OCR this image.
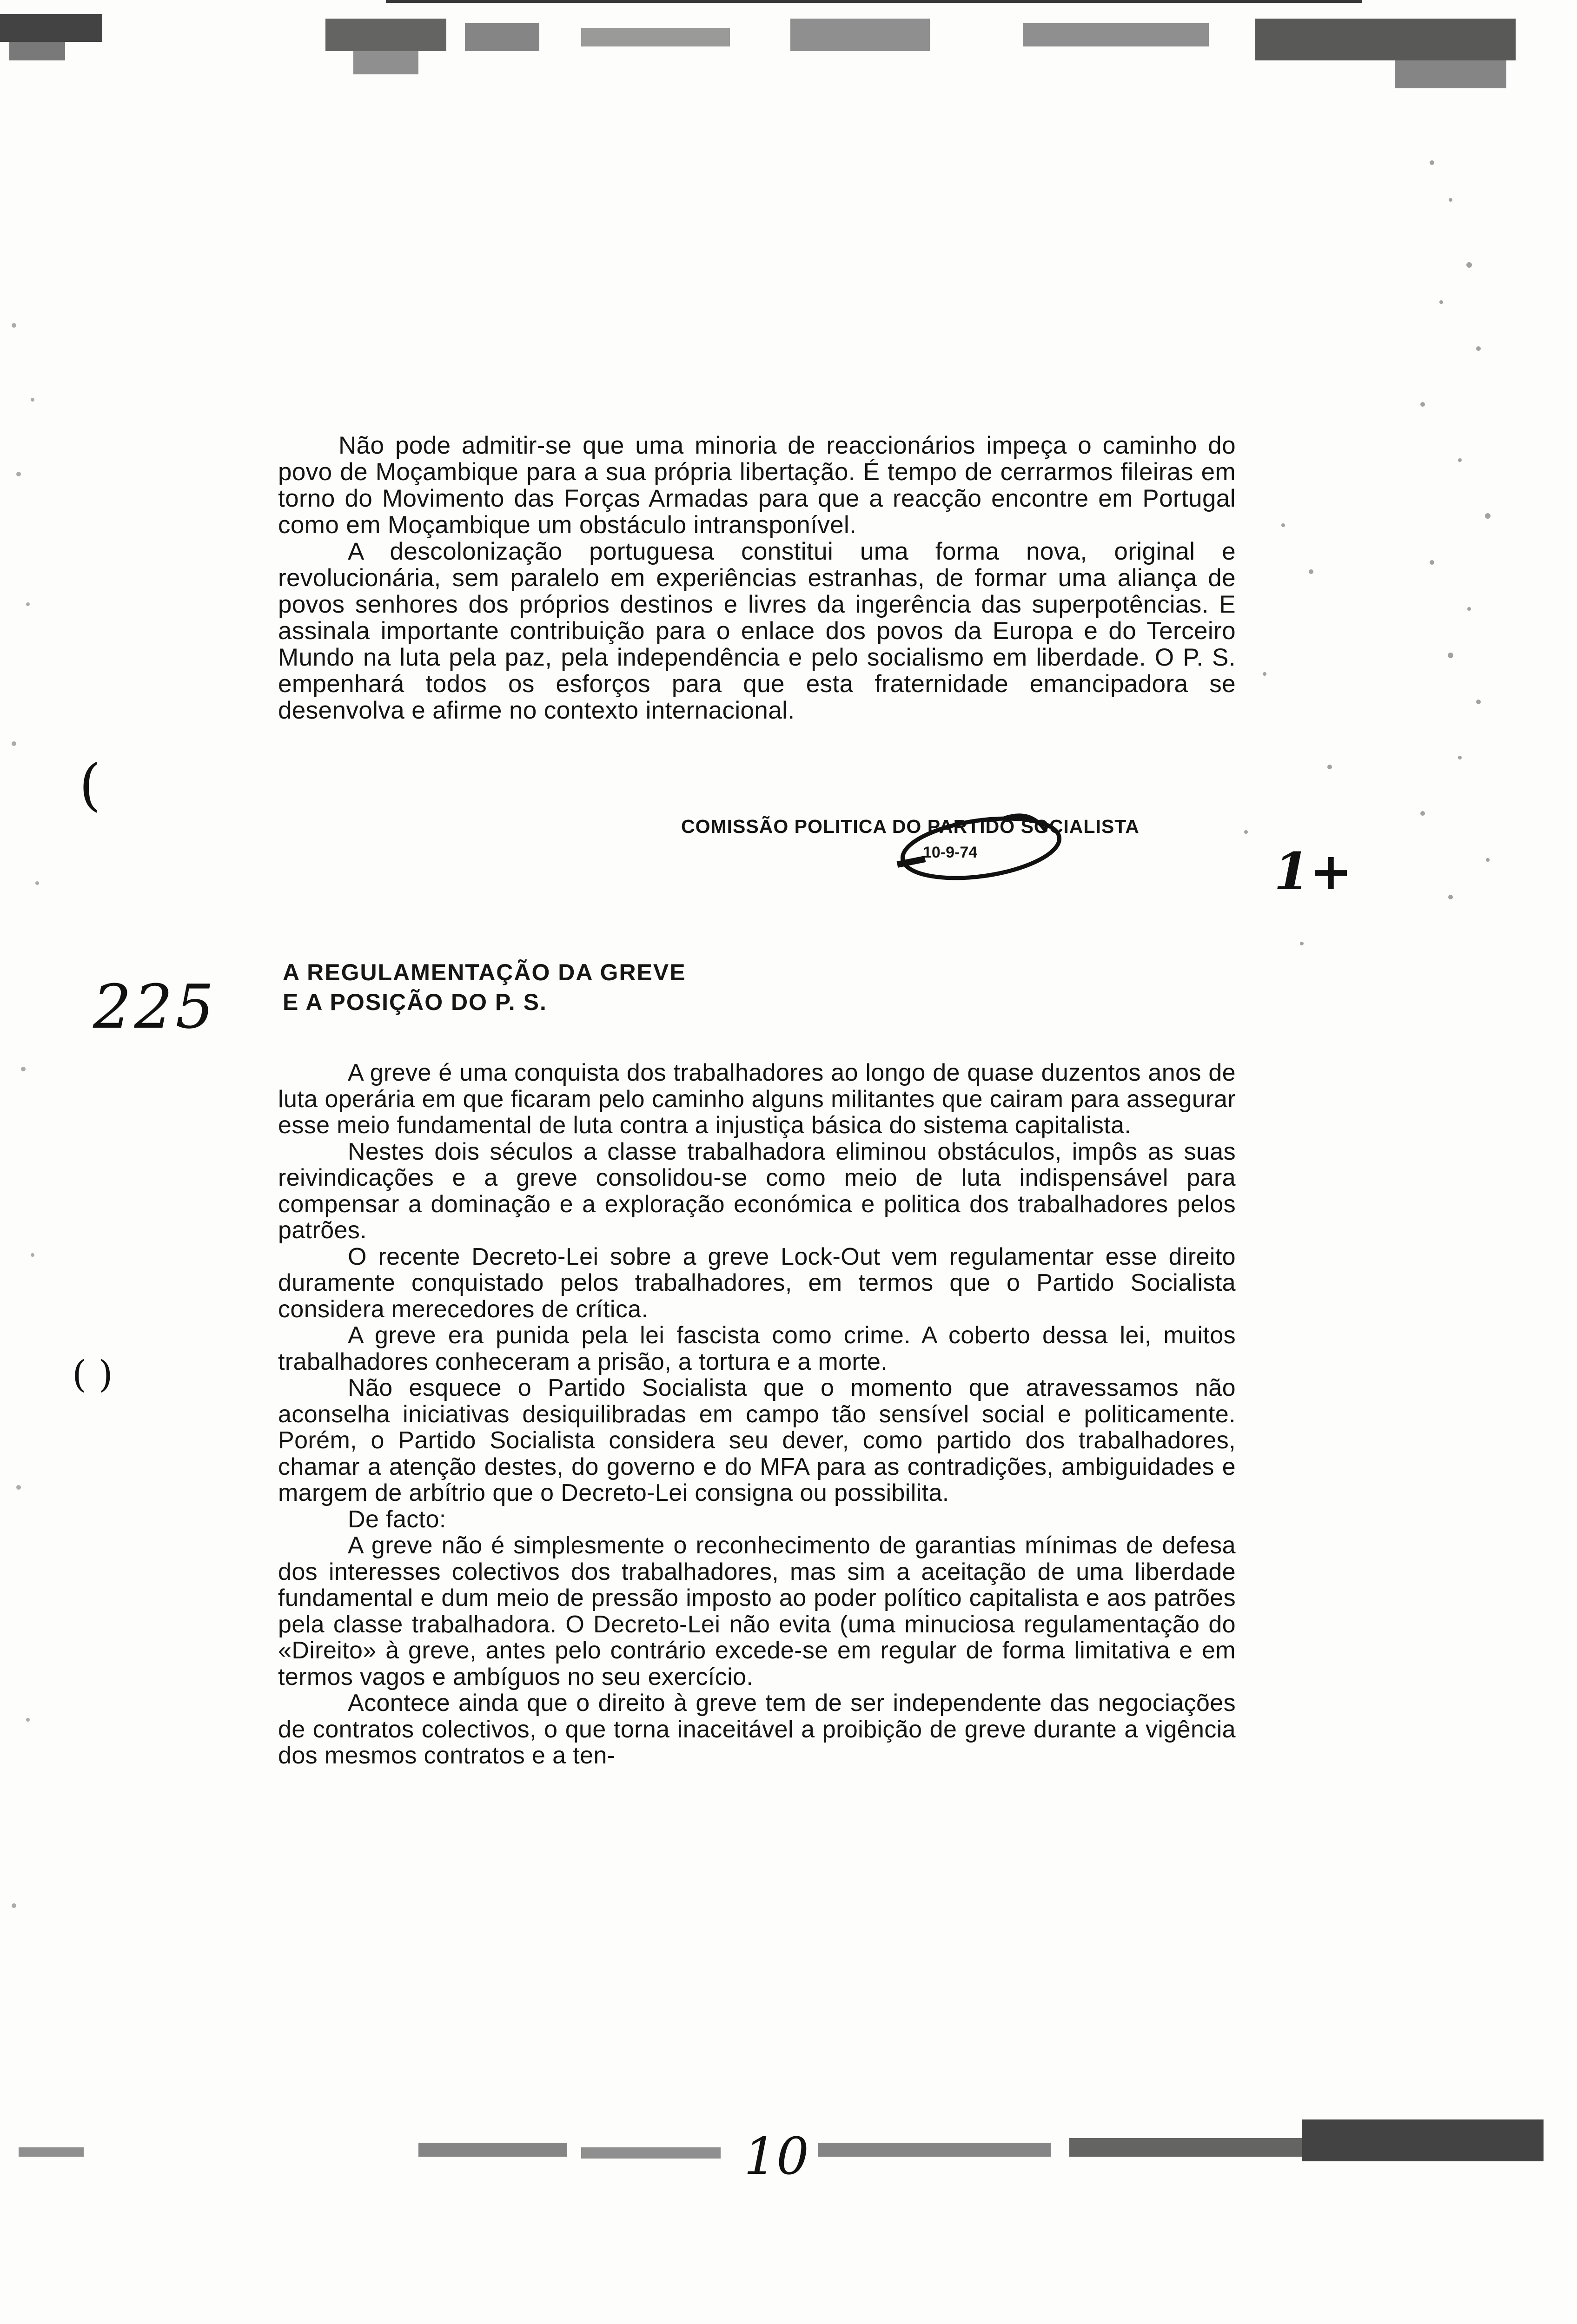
Não pode admitir-se que uma minoria de reaccionários impeça o caminho do povo de Moçambique para a sua própria libertação. É tempo de cerrarmos fileiras em torno do Movimento das Forças Armadas para que a reacção encontre em Portugal como em Moçambique um obstáculo intransponível.

A descolonização portuguesa constitui uma forma nova, original e revolucionária, sem paralelo em experiências estranhas, de formar uma aliança de povos senhores dos próprios destinos e livres da ingerência das superpotências. E assinala importante contribuição para o enlace dos povos da Europa e do Terceiro Mundo na luta pela paz, pela independência e pelo socialismo em liberdade. O P. S. empenhará todos os esforços para que esta fraternidade emancipadora se desenvolva e afirme no contexto internacional.

COMISSÃO POLITICA DO PARTIDO SOCIALISTA
10-9-74	1+
(
225	A REGULAMENTAÇÃO DA GREVE
E A POSIÇÃO DO P. S.

A greve é uma conquista dos trabalhadores ao longo de quase duzentos anos de luta operária em que ficaram pelo caminho alguns militantes que cairam para assegurar esse meio fundamental de luta contra a injustiça básica do sistema capitalista.

Nestes dois séculos a classe trabalhadora eliminou obstáculos, impôs as suas reivindicações e a greve consolidou-se como meio de luta indispensável para compensar a dominação e a exploração económica e politica dos trabalhadores pelos patrões.

O recente Decreto-Lei sobre a greve Lock-Out vem regulamentar esse direito duramente conquistado pelos trabalhadores, em termos que o Partido Socialista considera merecedores de crítica.

A greve era punida pela lei fascista como crime. A coberto dessa lei, muitos trabalhadores conheceram a prisão, a tortura e a morte.

Não esquece o Partido Socialista que o momento que atravessamos não aconselha iniciativas desiquilibradas em campo tão sensível social e politicamente. Porém, o Partido Socialista considera seu dever, como partido dos trabalhadores, chamar a atenção destes, do governo e do MFA para as contradições, ambiguidades e margem de arbítrio que o Decreto-Lei consigna ou possibilita.

De facto:

A greve não é simplesmente o reconhecimento de garantias mínimas de defesa dos interesses colectivos dos trabalhadores, mas sim a aceitação de uma liberdade fundamental e dum meio de pressão imposto ao poder político capitalista e aos patrões pela classe trabalhadora. O Decreto-Lei não evita (uma minuciosa regulamentação do «Direito» à greve, antes pelo contrário excede-se em regular de forma limitativa e em termos vagos e ambíguos no seu exercício.

Acontece ainda que o direito à greve tem de ser independente das negociações de contratos colectivos, o que torna inaceitável a proibição de greve durante a vigência dos mesmos contratos e a ten-

( )
10
